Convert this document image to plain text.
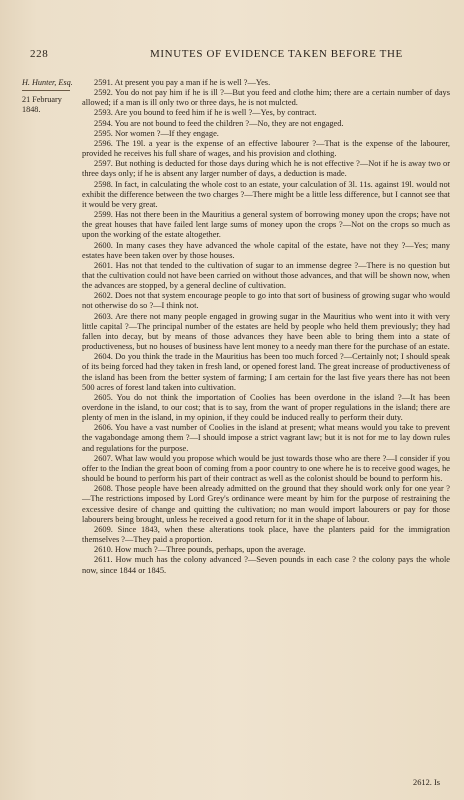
228	MINUTES OF EVIDENCE TAKEN BEFORE THE
H. Hunter, Esq.
21 February 1848.

2591. At present you pay a man if he is well ?—Yes.

2592. You do not pay him if he is ill ?—But you feed and clothe him; there are a certain number of days allowed; if a man is ill only two or three days, he is not mulcted.

2593. Are you bound to feed him if he is well ?—Yes, by contract.

2594. You are not bound to feed the children ?—No, they are not engaged.

2595. Nor women ?—If they engage.

2596. The 19l. a year is the expense of an effective labourer ?—That is the expense of the labourer, provided he receives his full share of wages, and his provision and clothing.

2597. But nothing is deducted for those days during which he is not effective ?—Not if he is away two or three days only; if he is absent any larger number of days, a deduction is made.

2598. In fact, in calculating the whole cost to an estate, your calculation of 3l. 11s. against 19l. would not exhibit the difference between the two charges ?—There might be a little less difference, but I cannot see that it would be very great.

2599. Has not there been in the Mauritius a general system of borrowing money upon the crops; have not the great houses that have failed lent large sums of money upon the crops ?—Not on the crops so much as upon the working of the estate altogether.

2600. In many cases they have advanced the whole capital of the estate, have not they ?—Yes; many estates have been taken over by those houses.

2601. Has not that tended to the cultivation of sugar to an immense degree ?—There is no question but that the cultivation could not have been carried on without those advances, and that will be shown now, when the advances are stopped, by a general decline of cultivation.

2602. Does not that system encourage people to go into that sort of business of growing sugar who would not otherwise do so ?—I think not.

2603. Are there not many people engaged in growing sugar in the Mauritius who went into it with very little capital ?—The principal number of the estates are held by people who held them previously; they had fallen into decay, but by means of those advances they have been able to bring them into a state of productiveness, but no houses of business have lent money to a needy man there for the purchase of an estate.

2604. Do you think the trade in the Mauritius has been too much forced ?—Certainly not; I should speak of its being forced had they taken in fresh land, or opened forest land. The great increase of productiveness of the island has been from the better system of farming; I am certain for the last five years there has not been 500 acres of forest land taken into cultivation.

2605. You do not think the importation of Coolies has been overdone in the island ?—It has been overdone in the island, to our cost; that is to say, from the want of proper regulations in the island; there are plenty of men in the island, in my opinion, if they could be induced really to perform their duty.

2606. You have a vast number of Coolies in the island at present; what means would you take to prevent the vagabondage among them ?—I should impose a strict vagrant law; but it is not for me to lay down rules and regulations for the purpose.

2607. What law would you propose which would be just towards those who are there ?—I consider if you offer to the Indian the great boon of coming from a poor country to one where he is to receive good wages, he should be bound to perform his part of their contract as well as the colonist should be bound to perform his.

2608. Those people have been already admitted on the ground that they should work only for one year ?—The restrictions imposed by Lord Grey's ordinance were meant by him for the purpose of restraining the excessive desire of change and quitting the cultivation; no man would import labourers or pay for those labourers being brought, unless he received a good return for it in the shape of labour.

2609. Since 1843, when these alterations took place, have the planters paid for the immigration themselves ?—They paid a proportion.

2610. How much ?—Three pounds, perhaps, upon the average.

2611. How much has the colony advanced ?—Seven pounds in each case ? the colony pays the whole now, since 1844 or 1845.

2612. Is
